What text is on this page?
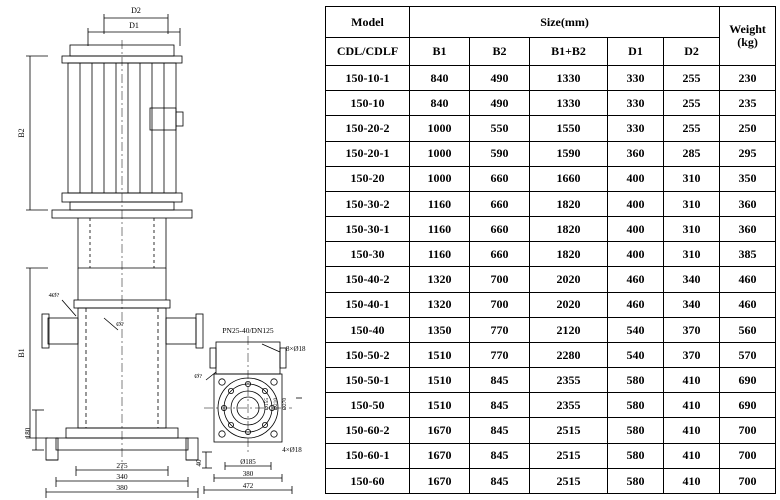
D2
D1
B2
B1
180
275
340
380
4Ø?
Ø?
PN25-40/DN125
8×Ø18
Ø?
40	Ø185
380
472
4×Ø18
Ø155 Ø210 Ø270
Model	Size(mm)					Weight
(kg)

CDL/CDLF	B1	B2	B1+B2	D1	D2	
150-10-1	840	490	1330	330	255	230
150-10	840	490	1330	330	255	235
150-20-2	1000	550	1550	330	255	250
150-20-1	1000	590	1590	360	285	295
150-20	1000	660	1660	400	310	350
150-30-2	1160	660	1820	400	310	360
150-30-1	1160	660	1820	400	310	360
150-30	1160	660	1820	400	310	385
150-40-2	1320	700	2020	460	340	460
150-40-1	1320	700	2020	460	340	460
150-40	1350	770	2120	540	370	560
150-50-2	1510	770	2280	540	370	570
150-50-1	1510	845	2355	580	410	690
150-50	1510	845	2355	580	410	690
150-60-2	1670	845	2515	580	410	700
150-60-1	1670	845	2515	580	410	700
150-60	1670	845	2515	580	410	700
